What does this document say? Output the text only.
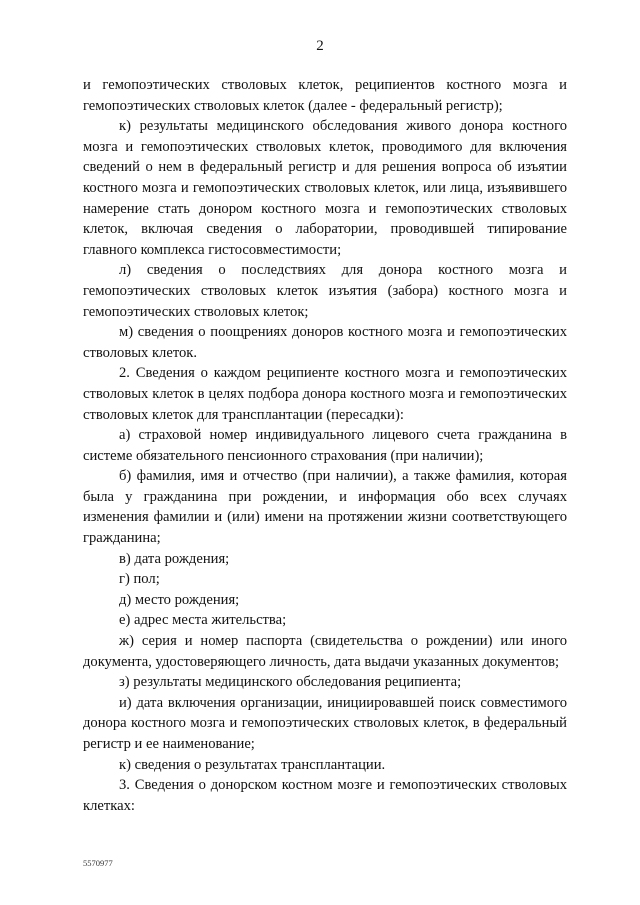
2

и гемопоэтических стволовых клеток, реципиентов костного мозга и гемопоэтических стволовых клеток (далее - федеральный регистр);

к) результаты медицинского обследования живого донора костного мозга и гемопоэтических стволовых клеток, проводимого для включения сведений о нем в федеральный регистр и для решения вопроса об изъятии костного мозга и гемопоэтических стволовых клеток, или лица, изъявившего намерение стать донором костного мозга и гемопоэтических стволовых клеток, включая сведения о лаборатории, проводившей типирование главного комплекса гистосовместимости;

л) сведения о последствиях для донора костного мозга и гемопоэтических стволовых клеток изъятия (забора) костного мозга и гемопоэтических стволовых клеток;

м) сведения о поощрениях доноров костного мозга и гемопоэтических стволовых клеток.

2. Сведения о каждом реципиенте костного мозга и гемопоэтических стволовых клеток в целях подбора донора костного мозга и гемопоэтических стволовых клеток для трансплантации (пересадки):

а) страховой номер индивидуального лицевого счета гражданина в системе обязательного пенсионного страхования (при наличии);

б) фамилия, имя и отчество (при наличии), а также фамилия, которая была у гражданина при рождении, и информация обо всех случаях изменения фамилии и (или) имени на протяжении жизни соответствующего гражданина;

в) дата рождения;

г) пол;

д) место рождения;

е) адрес места жительства;

ж) серия и номер паспорта (свидетельства о рождении) или иного документа, удостоверяющего личность, дата выдачи указанных документов;

з) результаты медицинского обследования реципиента;

и) дата включения организации, инициировавшей поиск совместимого донора костного мозга и гемопоэтических стволовых клеток, в федеральный регистр и ее наименование;

к) сведения о результатах трансплантации.

3. Сведения о донорском костном мозге и гемопоэтических стволовых клетках:

5570977
